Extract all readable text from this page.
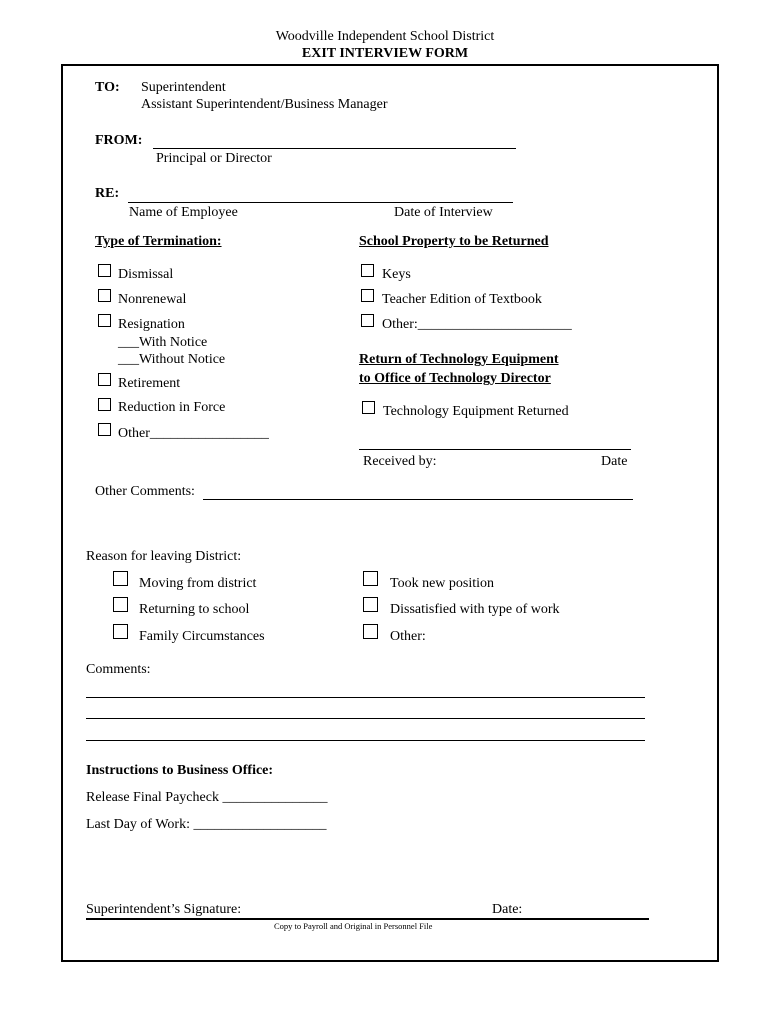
Woodville Independent School District
EXIT INTERVIEW FORM
TO: Superintendent
Assistant Superintendent/Business Manager
FROM:
Principal or Director
RE:
Name of Employee	Date of Interview
Type of Termination:
Dismissal
Nonrenewal
Resignation
___With Notice
___Without Notice
Retirement
Reduction in Force
Other_________________
School Property to be Returned
Keys
Teacher Edition of Textbook
Other:______________________
Return of Technology Equipment
to Office of Technology Director
Technology Equipment Returned
Received by:	Date
Other Comments:
Reason for leaving District:
Moving from district
Returning to school
Family Circumstances
Took new position
Dissatisfied with type of work
Other:
Comments:
Instructions to Business Office:
Release Final Paycheck _______________
Last Day of Work: ___________________
Superintendent’s Signature:	Date:
Copy to Payroll and Original in Personnel File
